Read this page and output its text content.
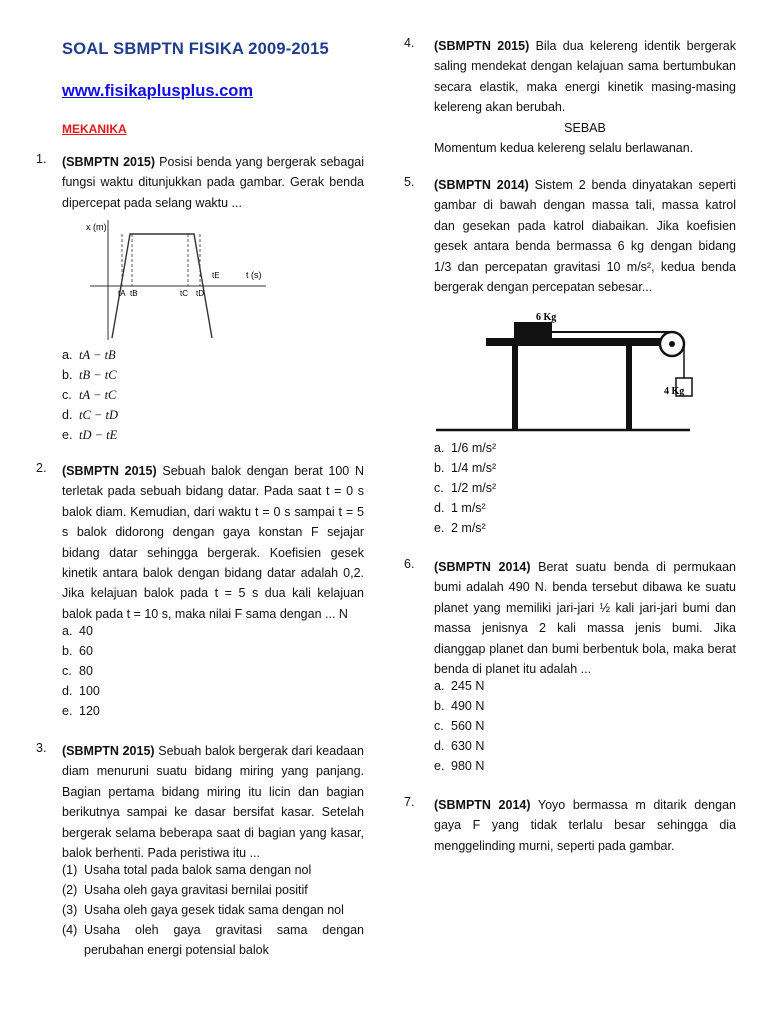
SOAL SBMPTN FISIKA 2009-2015
www.fisikaplusplus.com
MEKANIKA
1. (SBMPTN 2015) Posisi benda yang bergerak sebagai fungsi waktu ditunjukkan pada gambar. Gerak benda dipercepat pada selang waktu ...
x (m)
t (s)
tE
tA tB	tC tD
a. tA − tB
b. tB − tC
c. tA − tC
d. tC − tD
e. tD − tE
2. (SBMPTN 2015) Sebuah balok dengan berat 100 N terletak pada sebuah bidang datar. Pada saat t = 0 s balok diam. Kemudian, dari waktu t = 0 s sampai t = 5 s balok didorong dengan gaya konstan F sejajar bidang datar sehingga bergerak. Koefisien gesek kinetik antara balok dengan bidang datar adalah 0,2. Jika kelajuan balok pada t = 5 s dua kali kelajuan balok pada t = 10 s, maka nilai F sama dengan ... N
a. 40
b. 60
c. 80
d. 100
e. 120
3. (SBMPTN 2015) Sebuah balok bergerak dari keadaan diam menuruni suatu bidang miring yang panjang. Bagian pertama bidang miring itu licin dan bagian berikutnya sampai ke dasar bersifat kasar. Setelah bergerak selama beberapa saat di bagian yang kasar, balok berhenti. Pada peristiwa itu ...
(1) Usaha total pada balok sama dengan nol
(2) Usaha oleh gaya gravitasi bernilai positif
(3) Usaha oleh gaya gesek tidak sama dengan nol
(4) Usaha oleh gaya gravitasi sama dengan perubahan energi potensial balok
4. (SBMPTN 2015) Bila dua kelereng identik bergerak saling mendekat dengan kelajuan sama bertumbukan secara elastik, maka energi kinetik masing-masing kelereng akan berubah.
SEBAB
Momentum kedua kelereng selalu berlawanan.
5. (SBMPTN 2014) Sistem 2 benda dinyatakan seperti gambar di bawah dengan massa tali, massa katrol dan gesekan pada katrol diabaikan. Jika koefisien gesek antara benda bermassa 6 kg dengan bidang 1/3 dan percepatan gravitasi 10 m/s², kedua benda bergerak dengan percepatan sebesar...
6 Kg
4 Kg
a. 1/6 m/s²
b. 1/4 m/s²
c. 1/2 m/s²
d. 1 m/s²
e. 2 m/s²
6. (SBMPTN 2014) Berat suatu benda di permukaan bumi adalah 490 N. benda tersebut dibawa ke suatu planet yang memiliki jari-jari ½ kali jari-jari bumi dan massa jenisnya 2 kali massa jenis bumi. Jika dianggap planet dan bumi berbentuk bola, maka berat benda di planet itu adalah ...
a. 245 N
b. 490 N
c. 560 N
d. 630 N
e. 980 N
7. (SBMPTN 2014) Yoyo bermassa m ditarik dengan gaya F yang tidak terlalu besar sehingga dia menggelinding murni, seperti pada gambar.
